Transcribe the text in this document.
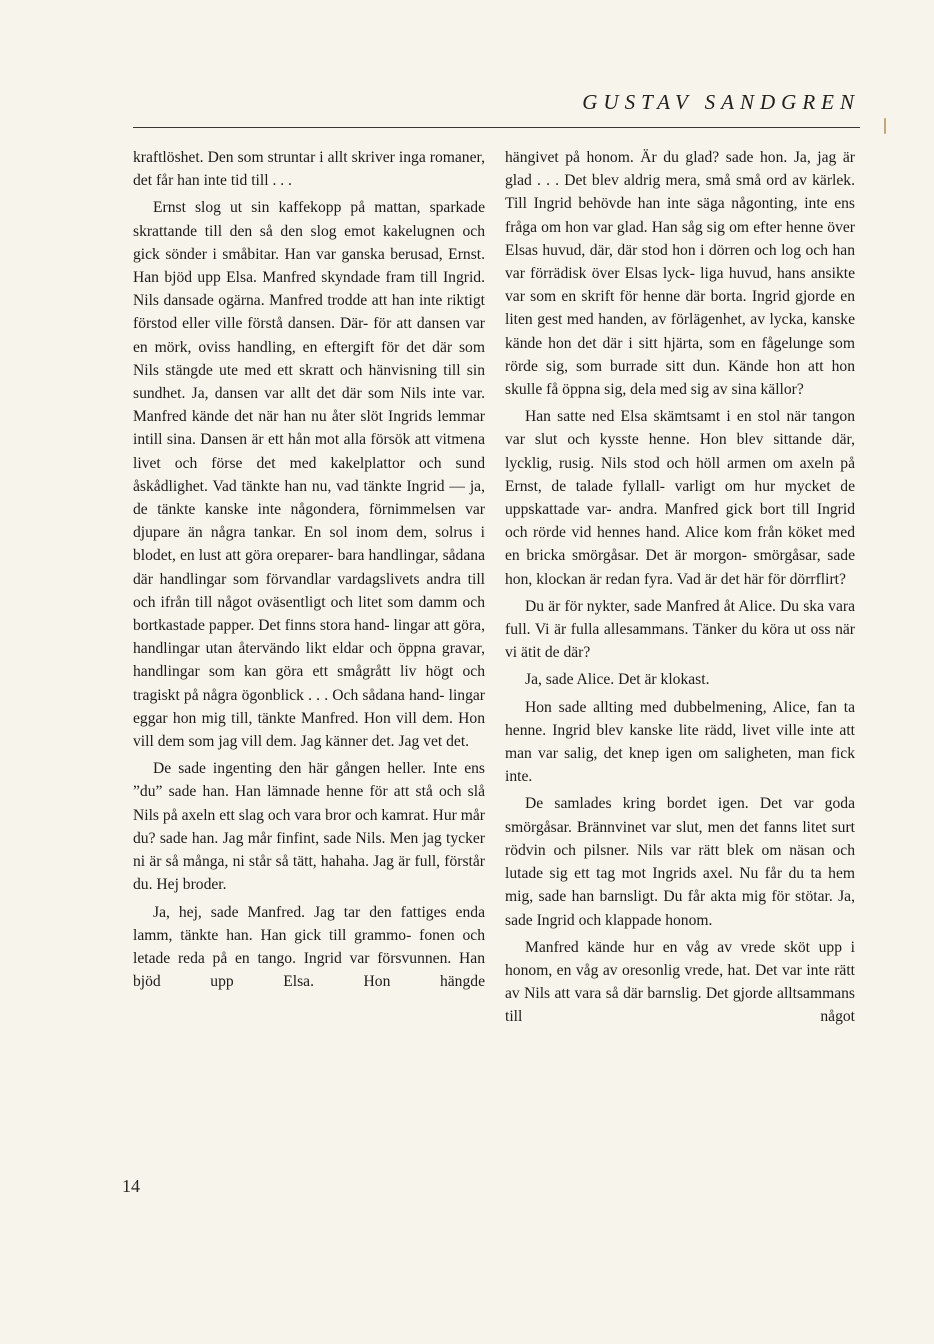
GUSTAV SANDGREN

kraftlöshet. Den som struntar i allt skriver inga romaner, det får han inte tid till . . .

Ernst slog ut sin kaffekopp på mattan, sparkade skrattande till den så den slog emot kakelugnen och gick sönder i småbitar. Han var ganska berusad, Ernst. Han bjöd upp Elsa. Manfred skyndade fram till Ingrid. Nils dansade ogärna. Manfred trodde att han inte riktigt förstod eller ville förstå dansen. Där- för att dansen var en mörk, oviss handling, en eftergift för det där som Nils stängde ute med ett skratt och hänvisning till sin sundhet. Ja, dansen var allt det där som Nils inte var. Manfred kände det när han nu åter slöt Ingrids lemmar intill sina. Dansen är ett hån mot alla försök att vitmena livet och förse det med kakelplattor och sund åskådlighet. Vad tänkte han nu, vad tänkte Ingrid — ja, de tänkte kanske inte någondera, förnimmelsen var djupare än några tankar. En sol inom dem, solrus i blodet, en lust att göra oreparer- bara handlingar, sådana där handlingar som förvandlar vardagslivets andra till och ifrån till något oväsentligt och litet som damm och bortkastade papper. Det finns stora hand- lingar att göra, handlingar utan återvändo likt eldar och öppna gravar, handlingar som kan göra ett smågrått liv högt och tragiskt på några ögonblick . . . Och sådana hand- lingar eggar hon mig till, tänkte Manfred. Hon vill dem. Hon vill dem som jag vill dem. Jag känner det. Jag vet det.

De sade ingenting den här gången heller. Inte ens ”du” sade han. Han lämnade henne för att stå och slå Nils på axeln ett slag och vara bror och kamrat. Hur mår du? sade han. Jag mår finfint, sade Nils. Men jag tycker ni är så många, ni står så tätt, hahaha. Jag är full, förstår du. Hej broder.

Ja, hej, sade Manfred. Jag tar den fattiges enda lamm, tänkte han. Han gick till grammo- fonen och letade reda på en tango. Ingrid var försvunnen. Han bjöd upp Elsa. Hon hängde

hängivet på honom. Är du glad? sade hon. Ja, jag är glad . . . Det blev aldrig mera, små små ord av kärlek. Till Ingrid behövde han inte säga någonting, inte ens fråga om hon var glad. Han såg sig om efter henne över Elsas huvud, där, där stod hon i dörren och log och han var förrädisk över Elsas lyck- liga huvud, hans ansikte var som en skrift för henne där borta. Ingrid gjorde en liten gest med handen, av förlägenhet, av lycka, kanske kände hon det där i sitt hjärta, som en fågelunge som rörde sig, som burrade sitt dun. Kände hon att hon skulle få öppna sig, dela med sig av sina källor?

Han satte ned Elsa skämtsamt i en stol när tangon var slut och kysste henne. Hon blev sittande där, lycklig, rusig. Nils stod och höll armen om axeln på Ernst, de talade fyllall- varligt om hur mycket de uppskattade var- andra. Manfred gick bort till Ingrid och rörde vid hennes hand. Alice kom från köket med en bricka smörgåsar. Det är morgon- smörgåsar, sade hon, klockan är redan fyra. Vad är det här för dörrflirt?

Du är för nykter, sade Manfred åt Alice. Du ska vara full. Vi är fulla allesammans. Tänker du köra ut oss när vi ätit de där?

Ja, sade Alice. Det är klokast.

Hon sade allting med dubbelmening, Alice, fan ta henne. Ingrid blev kanske lite rädd, livet ville inte att man var salig, det knep igen om saligheten, man fick inte.

De samlades kring bordet igen. Det var goda smörgåsar. Brännvinet var slut, men det fanns litet surt rödvin och pilsner. Nils var rätt blek om näsan och lutade sig ett tag mot Ingrids axel. Nu får du ta hem mig, sade han barnsligt. Du får akta mig för stötar. Ja, sade Ingrid och klappade honom.

Manfred kände hur en våg av vrede sköt upp i honom, en våg av oresonlig vrede, hat. Det var inte rätt av Nils att vara så där barnslig. Det gjorde alltsammans till något

14
